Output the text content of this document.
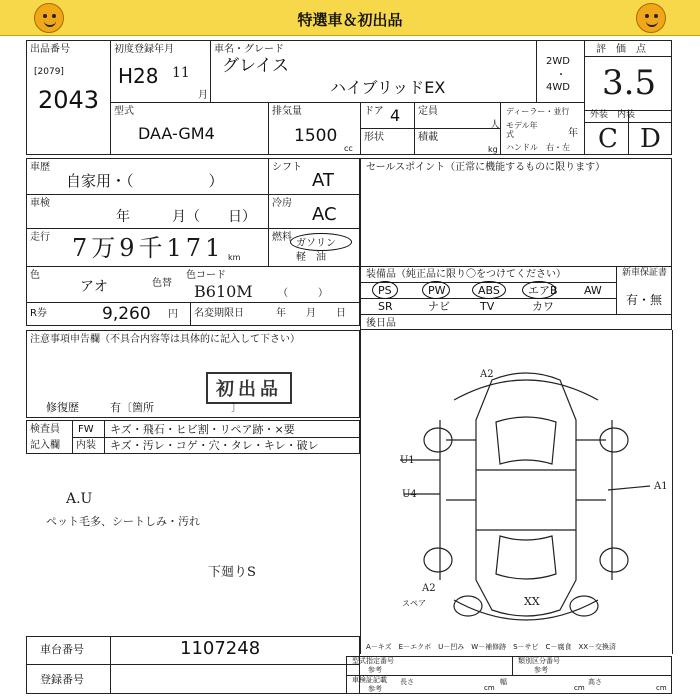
特選車＆初出品
出品番号
[2079]
2043
初度登録年月
H28 11
月
車名・グレード
グレイス
ハイブリッドEX
2WD
・
4WD
評　価　点
3.5
型式
DAA-GM4
排気量
1500
cc
ドア 4 定員
人
形状	積載
kg
ディーラー・並行
モデル年式	年
ハンドル 右・左
外装　内装
C D
車歴
自家用・（　　　　　）
シフト
AT
車検
年　　　月（　　日）
冷房
AC
走行 7万9千171 km
燃料
ガソリン
軽　油
色
アオ	色替
色コード
B610M	（　　　）
R券	9,260 円 名変期限日	年　　月　　日
セールスポイント（正常に機能するものに限ります）
装備品（純正品に限り〇をつけてください）	新車保証書
有・無
PS	PW	ABS	エアB AW
SR	ナビ	TV	カワ
後日品
注意事項申告欄（不具合内容等は具体的に記入して下さい）
初出品
修復歴	有〔箇所　　　　　　　〕
検査員
記入欄
FW キズ・飛石・ヒビ割・リペア跡・×要
内装 キズ・汚レ・コゲ・穴・タレ・キレ・破レ
A.U
ペット毛多、シートしみ・汚れ
下廻りS
A2
U1
U4
A1
A2
スペア	XX
車台番号	1107248
登録番号
A－キズ　E－エクボ　U－凹み　W－補修跡　S－サビ　C－腐食　XX－交換済
型式指定番号
参考
類別区分番号
参考
車検証記載
参考
長さ
cm
幅
cm
高さ
cm
